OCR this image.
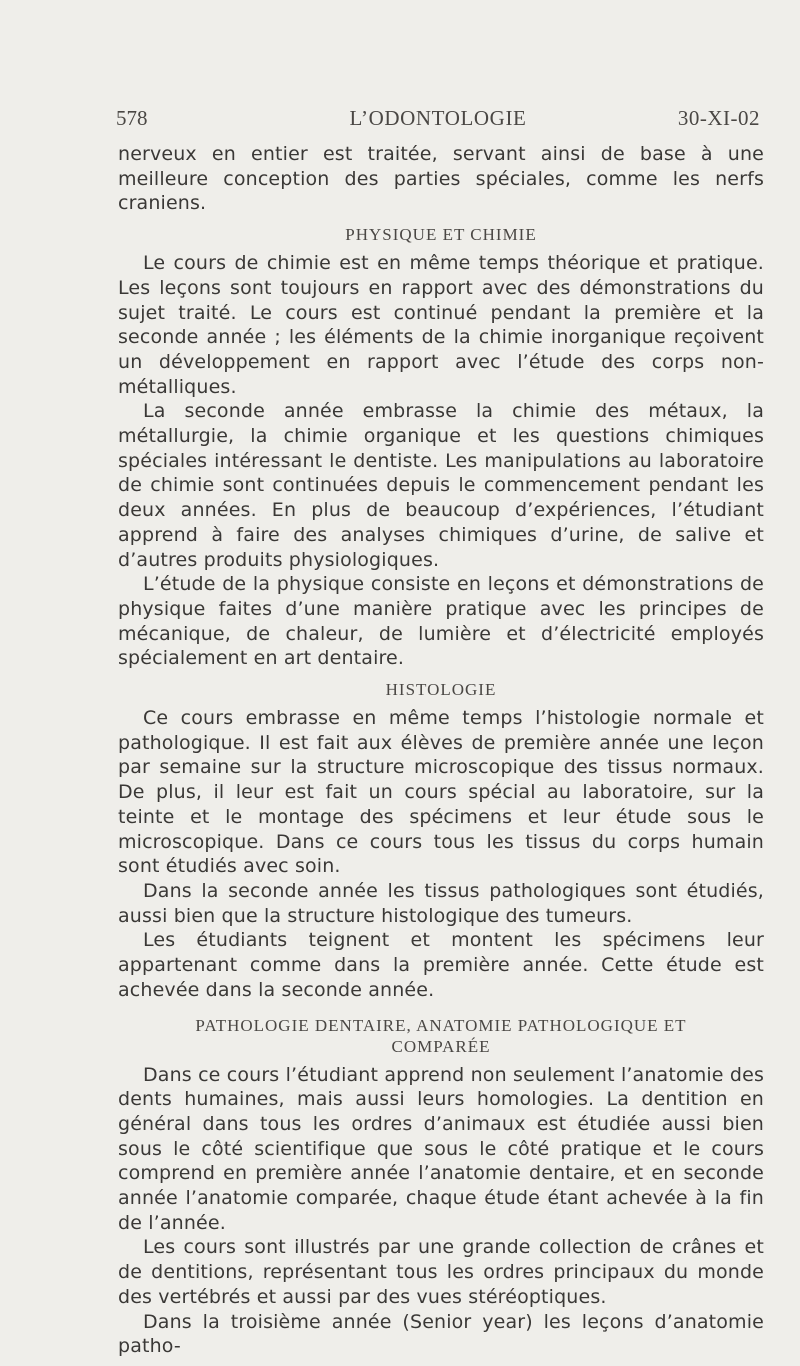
578	L’ODONTOLOGIE	30-XI-02

nerveux en entier est traitée, servant ainsi de base à une meilleure conception des parties spéciales, comme les nerfs craniens.

PHYSIQUE ET CHIMIE

Le cours de chimie est en même temps théorique et pratique. Les leçons sont toujours en rapport avec des démonstrations du sujet traité. Le cours est continué pendant la première et la seconde année ; les éléments de la chimie inorganique reçoivent un développement en rapport avec l’étude des corps non-métalliques.

La seconde année embrasse la chimie des métaux, la métallurgie, la chimie organique et les questions chimiques spéciales intéressant le dentiste. Les manipulations au laboratoire de chimie sont continuées depuis le commencement pendant les deux années. En plus de beaucoup d’expériences, l’étudiant apprend à faire des analyses chimiques d’urine, de salive et d’autres produits physiologiques.

L’étude de la physique consiste en leçons et démonstrations de physique faites d’une manière pratique avec les principes de mécanique, de chaleur, de lumière et d’électricité employés spécialement en art dentaire.

HISTOLOGIE

Ce cours embrasse en même temps l’histologie normale et pathologique. Il est fait aux élèves de première année une leçon par semaine sur la structure microscopique des tissus normaux. De plus, il leur est fait un cours spécial au laboratoire, sur la teinte et le montage des spécimens et leur étude sous le microscopique. Dans ce cours tous les tissus du corps humain sont étudiés avec soin.

Dans la seconde année les tissus pathologiques sont étudiés, aussi bien que la structure histologique des tumeurs.

Les étudiants teignent et montent les spécimens leur appartenant comme dans la première année. Cette étude est achevée dans la seconde année.

PATHOLOGIE DENTAIRE, ANATOMIE PATHOLOGIQUE ET
COMPARÉE

Dans ce cours l’étudiant apprend non seulement l’anatomie des dents humaines, mais aussi leurs homologies. La dentition en général dans tous les ordres d’animaux est étudiée aussi bien sous le côté scientifique que sous le côté pratique et le cours comprend en première année l’anatomie dentaire, et en seconde année l’anatomie comparée, chaque étude étant achevée à la fin de l’année.

Les cours sont illustrés par une grande collection de crânes et de dentitions, représentant tous les ordres principaux du monde des vertébrés et aussi par des vues stéréoptiques.

Dans la troisième année (Senior year) les leçons d’anatomie patho-
